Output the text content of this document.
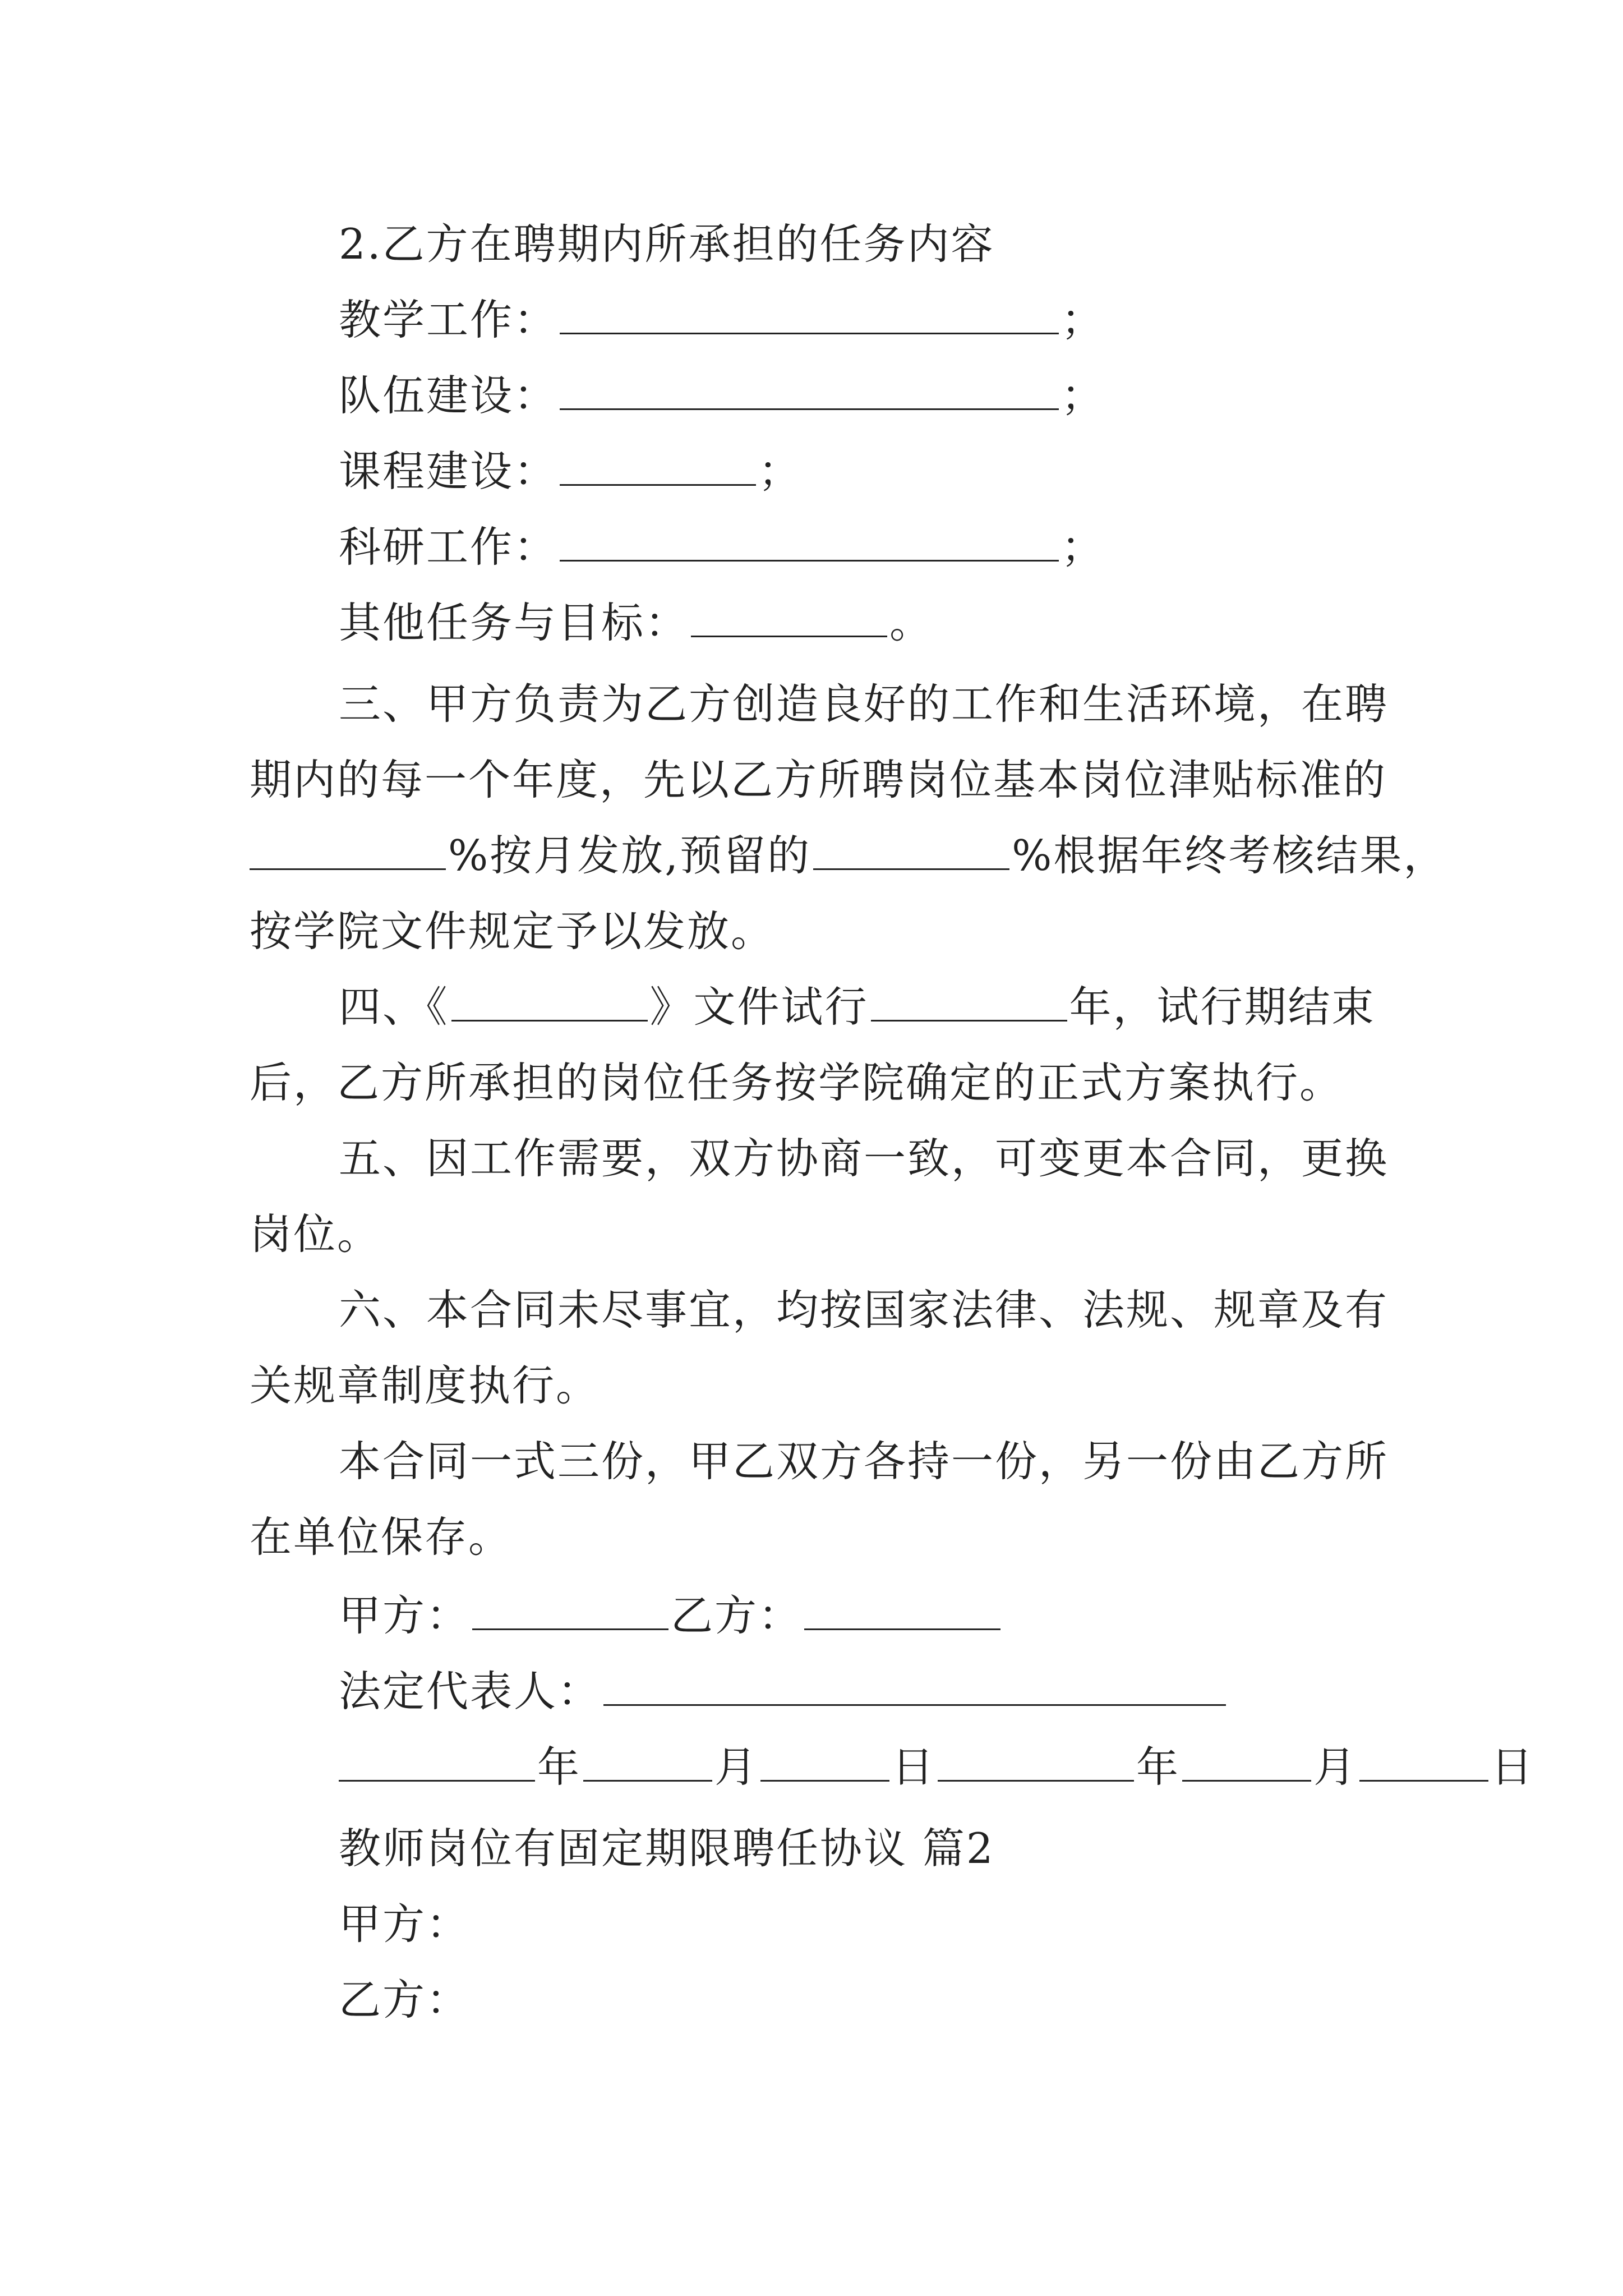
2.乙方在聘期内所承担的任务内容
教学工作：	；
队伍建设：	；
课程建设：	；
科研工作：	；
其他任务与目标：	。
三、甲方负责为乙方创造良好的工作和生活环境，在聘
期内的每一个年度，先以乙方所聘岗位基本岗位津贴标准的
%按月发放,预留的	%根据年终考核结果，
按学院文件规定予以发放。
四、《	》文件试行	年，试行期结束
后，乙方所承担的岗位任务按学院确定的正式方案执行。
五、因工作需要，双方协商一致，可变更本合同，更换
岗位。
六、本合同未尽事宜，均按国家法律、法规、规章及有
关规章制度执行。
本合同一式三份，甲乙双方各持一份，另一份由乙方所
在单位保存。
甲方：	乙方：
法定代表人：
年	月	日	年	月	日
教师岗位有固定期限聘任协议 篇2
甲方：
乙方：
